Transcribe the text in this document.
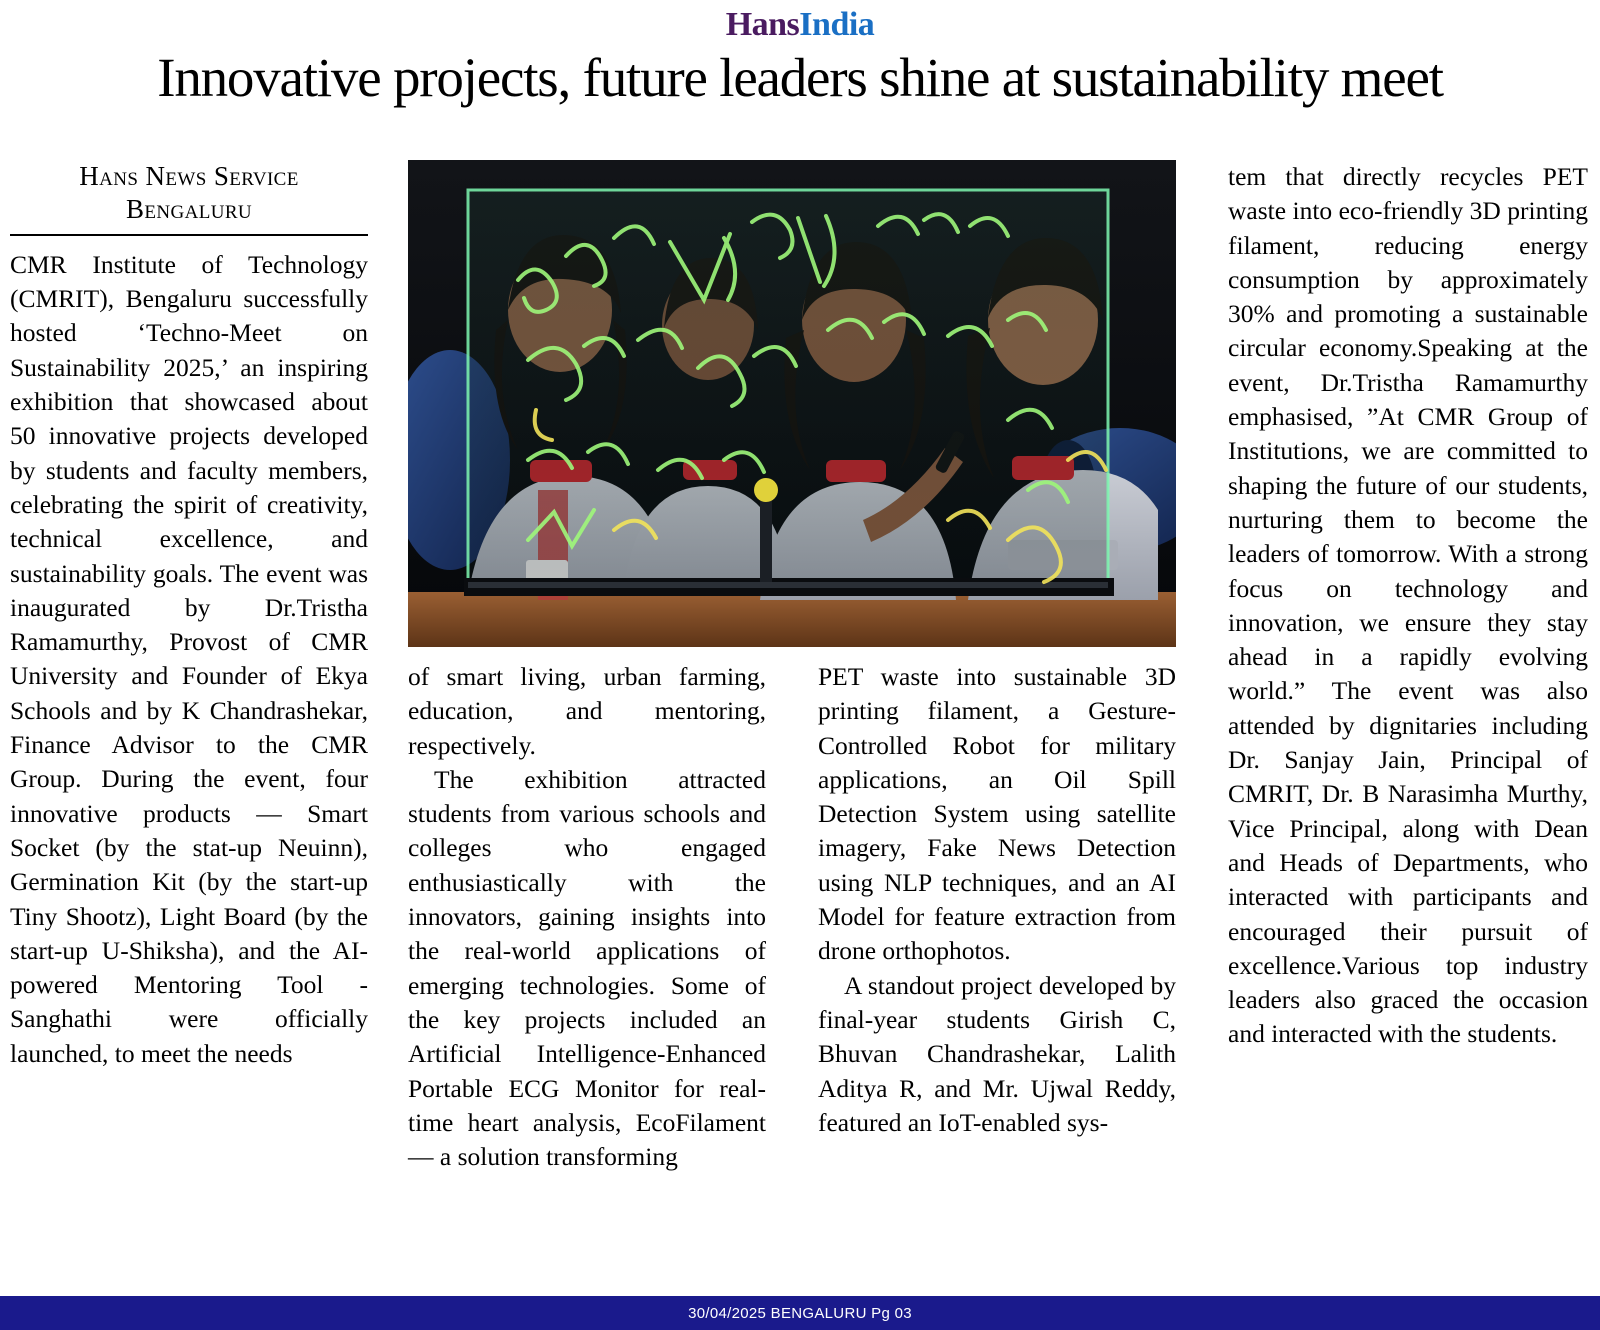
HansIndia
Innovative projects, future leaders shine at sustainability meet
Hans News Service
Bengaluru

CMR Institute of Technology (CMRIT), Bengaluru successfully hosted ‘Techno-Meet on Sustainability 2025,’ an inspiring exhibition that showcased about 50 innovative projects developed by students and faculty members, celebrating the spirit of creativity, technical excellence, and sustainability goals. The event was inaugurated by Dr.Tristha Ramamurthy, Provost of CMR University and Founder of Ekya Schools and by K Chandrashekar, Finance Advisor to the CMR Group. During the event, four innovative products — Smart Socket (by the stat-up Neuinn), Germination Kit (by the start-up Tiny Shootz), Light Board (by the start-up U-Shiksha), and the AI-powered Mentoring Tool - Sanghathi were officially launched, to meet the needs

of smart living, urban farming, education, and mentoring, respectively.

The exhibition attracted students from various schools and colleges who engaged enthusiastically with the innovators, gaining insights into the real-world applications of emerging technologies. Some of the key projects included an Artificial Intelligence-Enhanced Portable ECG Monitor for real-time heart analysis, EcoFilament — a solution transforming

PET waste into sustainable 3D printing filament, a Gesture-Controlled Robot for military applications, an Oil Spill Detection System using satellite imagery, Fake News Detection using NLP techniques, and an AI Model for feature extraction from drone orthophotos.

A standout project developed by final-year students Girish C, Bhuvan Chandrashekar, Lalith Aditya R, and Mr. Ujwal Reddy, featured an IoT-enabled sys-

tem that directly recycles PET waste into eco-friendly 3D printing filament, reducing energy consumption by approximately 30% and promoting a sustainable circular economy.Speaking at the event, Dr.Tristha Ramamurthy emphasised, ”At CMR Group of Institutions, we are committed to shaping the future of our students, nurturing them to become the leaders of tomorrow. With a strong focus on technology and innovation, we ensure they stay ahead in a rapidly evolving world.” The event was also attended by dignitaries including Dr. Sanjay Jain, Principal of CMRIT, Dr. B Narasimha Murthy, Vice Principal, along with Dean and Heads of Departments, who interacted with participants and encouraged their pursuit of excellence.Various top industry leaders also graced the occasion and interacted with the students.

30/04/2025 BENGALURU Pg 03
